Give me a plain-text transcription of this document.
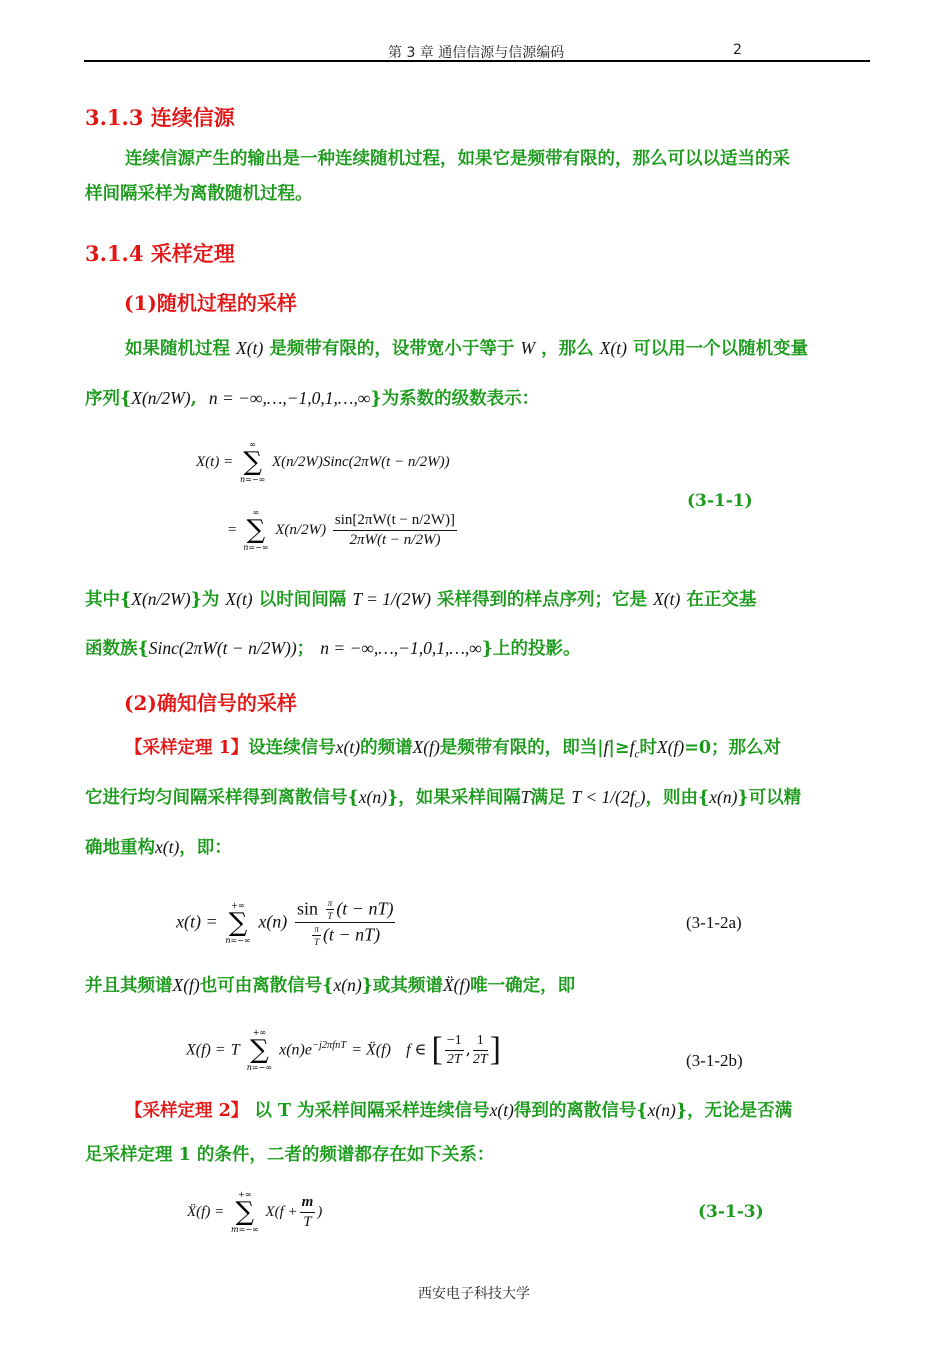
第 3 章 通信信源与信源编码	2
3.1.3 连续信源
连续信源产生的输出是一种连续随机过程，如果它是频带有限的，那么可以以适当的采
样间隔采样为离散随机过程。
3.1.4 采样定理
(1)随机过程的采样
如果随机过程 X(t) 是频带有限的，设带宽小于等于 W ，那么 X(t) 可以用一个以随机变量
序列{X(n/2W),  n = −∞,…,−1,0,1,…,∞}为系数的级数表示：
X(t) =
∞
∑
n=−∞
X(n/2W)Sinc(2πW(t − n/2W))
=
∞
∑
n=−∞
$X(n/2W) \frac{\sin[2\pi W(t - n/2W)]}{2\pi W(t - n/2W)}$
(3-1-1)
其中{X(n/2W)}为 X(t) 以时间间隔 T = 1/(2W) 采样得到的样点序列；它是 X(t) 在正交基
函数族{Sinc(2πW(t − n/2W))； n = −∞,…,−1,0,1,…,∞}上的投影。
(2)确知信号的采样
【采样定理 1】设连续信号x(t)的频谱X(f)是频带有限的，即当$|f|\ge f_c$时X(f)=0；那么对
它进行均匀间隔采样得到离散信号{x(n)}，如果采样间隔T满足 $T < 1/(2f_c)$，则由{x(n)}可以精
确地重构x(t)，即：
x(t) =
+∞
∑
n=−∞
$x(n) \frac{\sin \frac{\pi}{T} (t - nT)}{\frac{\pi}{T} (t - nT)}$	(3-1-2a)
并且其频谱X(f)也可由离散信号{x(n)}或其频谱Ẍ(f)唯一确定，即
X(f) = T
+∞
∑
n=−∞
$x(n)e^{-j2\pi fnT}$ = Ẍ(f) f ∈ [ $\frac{-1}{2T}$ , $\frac{1}{2T}$ ]	(3-1-2b)
【采样定理 2】 以 T 为采样间隔采样连续信号x(t)得到的离散信号{x(n)}，无论是否满
足采样定理 1 的条件，二者的频谱都存在如下关系：
Ẍ(f) =
+∞
∑
m=−∞
$X(f + \frac{m}{T}$ )	(3-1-3)
西安电子科技大学
